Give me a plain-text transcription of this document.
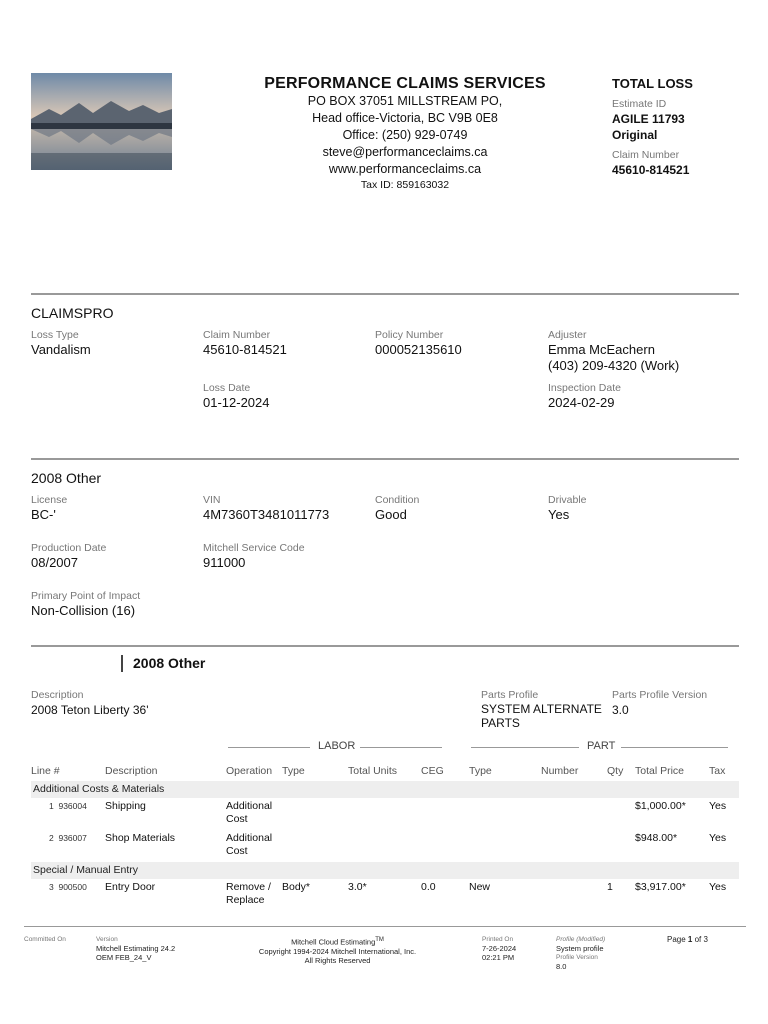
PERFORMANCE CLAIMS SERVICES
PO BOX 37051 MILLSTREAM PO,
Head office-Victoria, BC V9B 0E8
Office: (250) 929-0749
steve@performanceclaims.ca
www.performanceclaims.ca
Tax ID: 859163032
TOTAL LOSS
Estimate ID
AGILE 11793
Original
Claim Number
45610-814521
CLAIMSPRO
Loss Type
Vandalism
Claim Number
45610-814521
Policy Number
000052135610
Adjuster
Emma McEachern
(403) 209-4320 (Work)
Loss Date
01-12-2024
Inspection Date
2024-02-29
2008 Other
License
BC-'
VIN
4M7360T3481011773
Condition
Good
Drivable
Yes
Production Date
08/2007
Mitchell Service Code
911000
Primary Point of Impact
Non-Collision (16)
2008 Other
Description
2008 Teton Liberty 36'
Parts Profile
SYSTEM ALTERNATE
PARTS
Parts Profile Version
3.0
LABOR	PART
Line #	Description	Operation	Type	Total Units	CEG	Type	Number	Qty	Total Price	Tax
Additional Costs & Materials										
1 936004	Shipping	Additional
Cost							$1,000.00*	Yes
2 936007	Shop Materials	Additional
Cost							$948.00*	Yes
Special / Manual Entry										
3 900500	Entry Door	Remove /
Replace	Body*	3.0*	0.0	New		1	$3,917.00*	Yes
Committed On	Version
Mitchell Estimating 24.2
OEM FEB_24_V
Mitchell Cloud Estimating™
Copyright 1994-2024 Mitchell International, Inc.
All Rights Reserved
Printed On
7-26-2024
02:21 PM
Profile (Modified)
System profile
Profile Version
8.0
Page 1 of 3
